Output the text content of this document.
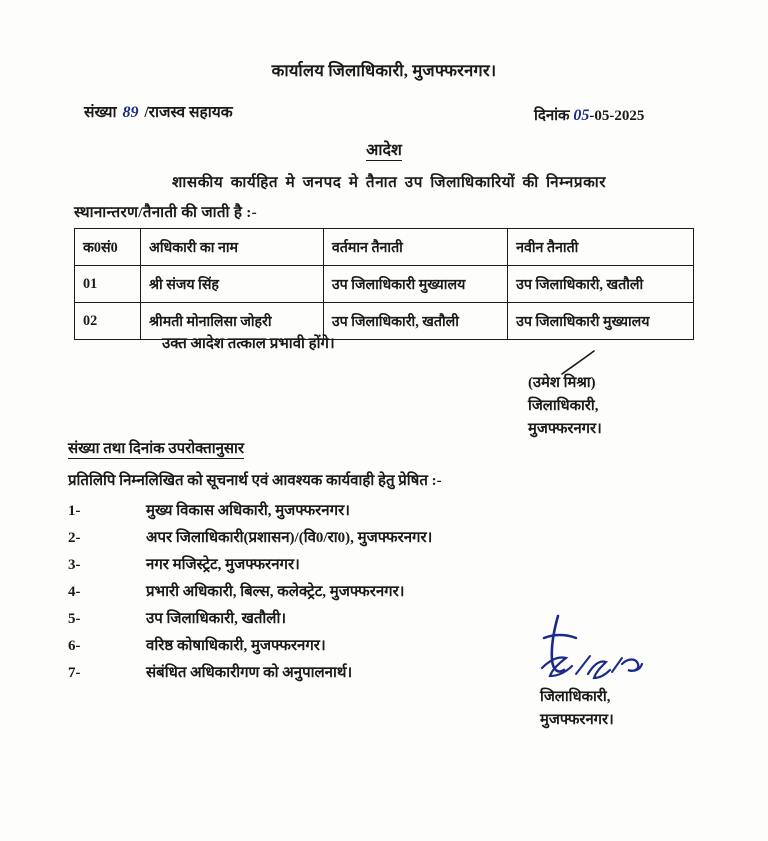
कार्यालय जिलाधिकारी, मुजफ्फरनगर।
संख्या 89 /राजस्व सहायक	दिनांक 05-05-2025
आदेश
शासकीय कार्यहित मे जनपद मे तैनात उप जिलाधिकारियों की निम्नप्रकार
स्थानान्तरण/तैनाती की जाती है :-
क0सं0	अधिकारी का नाम	वर्तमान तैनाती	नवीन तैनाती
01	श्री संजय सिंह	उप जिलाधिकारी मुख्यालय	उप जिलाधिकारी, खतौली
02	श्रीमती मोनालिसा जोहरी	उप जिलाधिकारी, खतौली	उप जिलाधिकारी मुख्यालय
उक्त आदेश तत्काल प्रभावी होंगे।
(उमेश मिश्रा)
जिलाधिकारी,
मुजफ्फरनगर।
संख्या तथा दिनांक उपरोक्तानुसार
प्रतिलिपि निम्नलिखित को सूचनार्थ एवं आवश्यक कार्यवाही हेतु प्रेषित :-
1-	मुख्य विकास अधिकारी, मुजफ्फरनगर।
2-	अपर जिलाधिकारी(प्रशासन)/(वि0/रा0), मुजफ्फरनगर।
3-	नगर मजिस्ट्रेट, मुजफ्फरनगर।
4-	प्रभारी अधिकारी, बिल्स, कलेक्ट्रेट, मुजफ्फरनगर।
5-	उप जिलाधिकारी, खतौली।
6-	वरिष्ठ कोषाधिकारी, मुजफ्फरनगर।
7-	संबंधित अधिकारीगण को अनुपालनार्थ।
जिलाधिकारी,
मुजफ्फरनगर।
